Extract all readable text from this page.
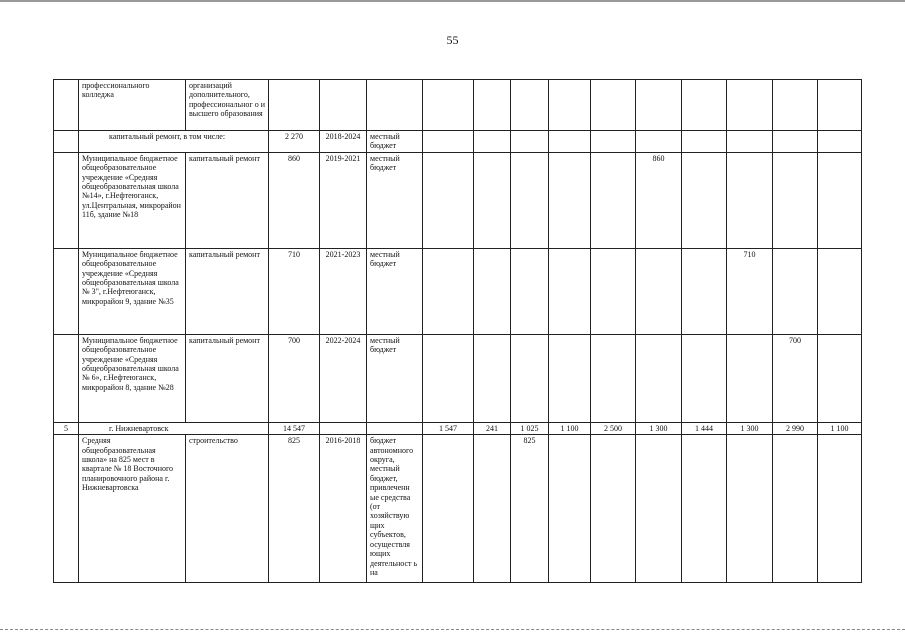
55
	профессионального колледжа	организаций дополнительного, профессиональног о и высшего образования													
	капитальный ремонт, в том числе:		2 270	2018-2024	местный бюджет										
	Муниципальное бюджетное общеобразовательное учреждение «Средняя общеобразовательная школа №14», г.Нефтеюганск, ул.Центральная, микрорайон 11б, здание №18	капитальный ремонт	860	2019-2021	местный бюджет						860				
	Муниципальное бюджетное общеобразовательное учреждение «Средняя общеобразовательная школа № 3", г.Нефтеюганск, микрорайон 9, здание №35	капитальный ремонт	710	2021-2023	местный бюджет								710		
	Муниципальное бюджетное общеобразовательное учреждение «Средняя общеобразовательная школа № 6», г.Нефтеюганск, микрорайон 8, здание №28	капитальный ремонт	700	2022-2024	местный бюджет									700	
5	г. Нижневартовск		14 547			1 547	241	1 025	1 100	2 500	1 300	1 444	1 300	2 990	1 100
	Средняя общеобразовательная школа» на 825 мест в квартале № 18 Восточного планировочного района г. Нижневартовска	строительство	825	2016-2018	бюджет автономного округа, местный бюджет, привлеченн ые средства (от хозяйствую щих субъектов, осуществля ющих деятельност ь на			825							
